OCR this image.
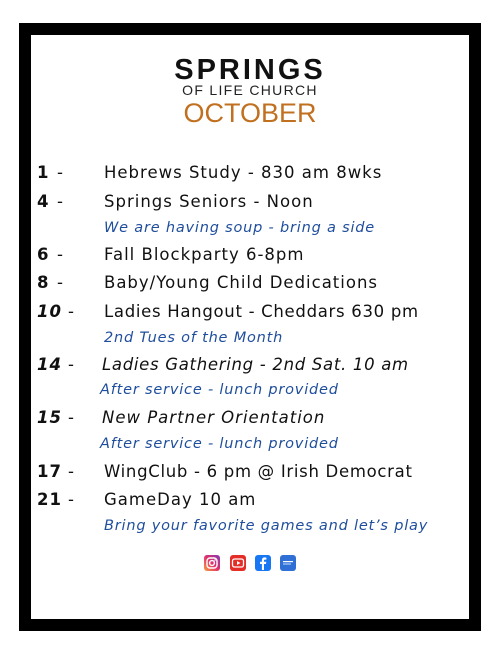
SPRINGS
OF LIFE CHURCH
OCTOBER
1 - Hebrews Study - 830 am 8wks
4 - Springs Seniors - Noon
We are having soup - bring a side
6 - Fall Blockparty 6-8pm
8 - Baby/Young Child Dedications
10 - Ladies Hangout - Cheddars 630 pm
2nd Tues of the Month
14 - Ladies Gathering - 2nd Sat. 10 am
After service - lunch provided
15 - New Partner Orientation
After service - lunch provided
17 - WingClub - 6 pm @ Irish Democrat
21 - GameDay 10 am
Bring your favorite games and let’s play
